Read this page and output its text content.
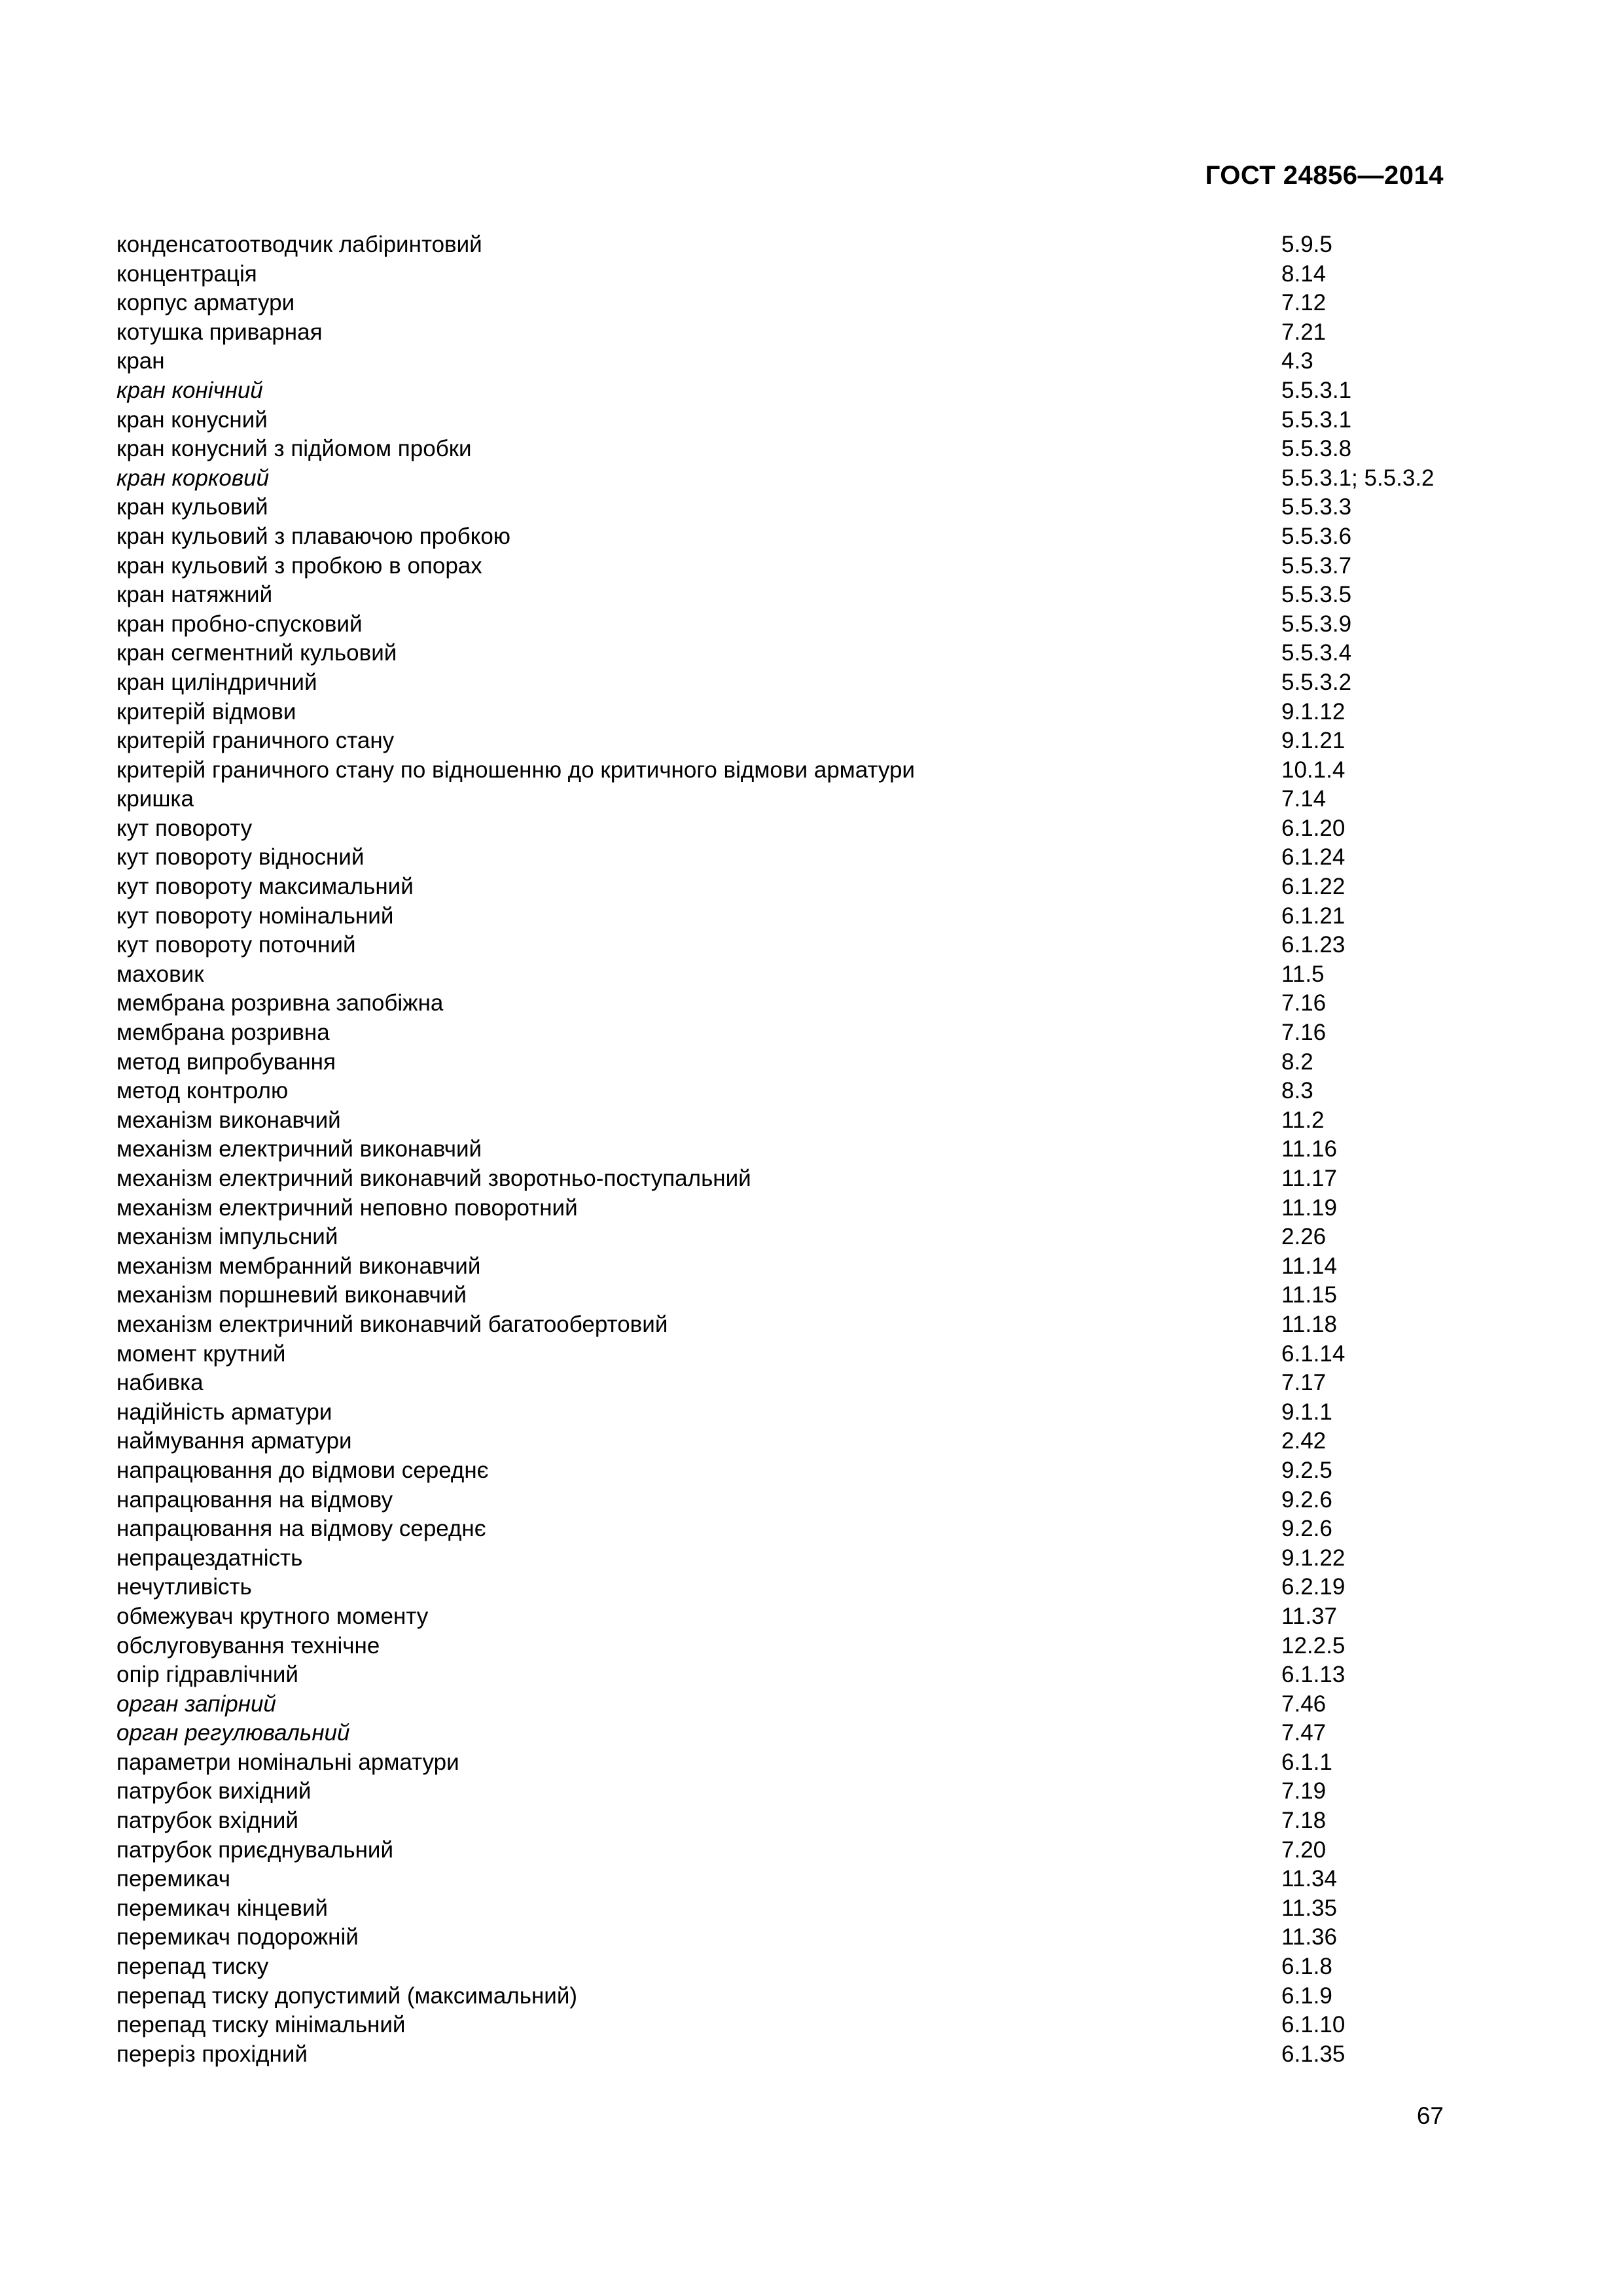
ГОСТ 24856—2014
конденсатоотводчик лабіринтовий	5.9.5
концентрація	8.14
корпус арматури	7.12
котушка приварная	7.21
кран	4.3
кран конічний	5.5.3.1
кран конусний	5.5.3.1
кран конусний з підйомом пробки	5.5.3.8
кран корковий	5.5.3.1; 5.5.3.2
кран кульовий	5.5.3.3
кран кульовий з плаваючою пробкою	5.5.3.6
кран кульовий з пробкою в опорах	5.5.3.7
кран натяжний	5.5.3.5
кран пробно-спусковий	5.5.3.9
кран сегментний кульовий	5.5.3.4
кран циліндричний	5.5.3.2
критерій відмови	9.1.12
критерій граничного стану	9.1.21
критерій граничного стану по відношенню до критичного відмови арматури	10.1.4
кришка	7.14
кут повороту	6.1.20
кут повороту відносний	6.1.24
кут повороту максимальний	6.1.22
кут повороту номінальний	6.1.21
кут повороту поточний	6.1.23
маховик	11.5
мембрана розривна запобіжна	7.16
мембрана розривна	7.16
метод випробування	8.2
метод контролю	8.3
механізм виконавчий	11.2
механізм електричний виконавчий	11.16
механізм електричний виконавчий зворотньо-поступальний	11.17
механізм електричний неповно поворотний	11.19
механізм імпульсний	2.26
механізм мембранний виконавчий	11.14
механізм поршневий виконавчий	11.15
механізм електричний виконавчий багатообертовий	11.18
момент крутний	6.1.14
набивка	7.17
надійність арматури	9.1.1
наймування арматури	2.42
напрацювання до відмови середнє	9.2.5
напрацювання на відмову	9.2.6
напрацювання на відмову середнє	9.2.6
непрацездатність	9.1.22
нечутливість	6.2.19
обмежувач крутного моменту	11.37
обслуговування технічне	12.2.5
опір гідравлічний	6.1.13
орган запірний	7.46
орган регулювальний	7.47
параметри номінальні арматури	6.1.1
патрубок вихідний	7.19
патрубок вхідний	7.18
патрубок приєднувальний	7.20
перемикач	11.34
перемикач кінцевий	11.35
перемикач подорожній	11.36
перепад тиску	6.1.8
перепад тиску допустимий (максимальний)	6.1.9
перепад тиску мінімальний	6.1.10
переріз прохідний	6.1.35
67
